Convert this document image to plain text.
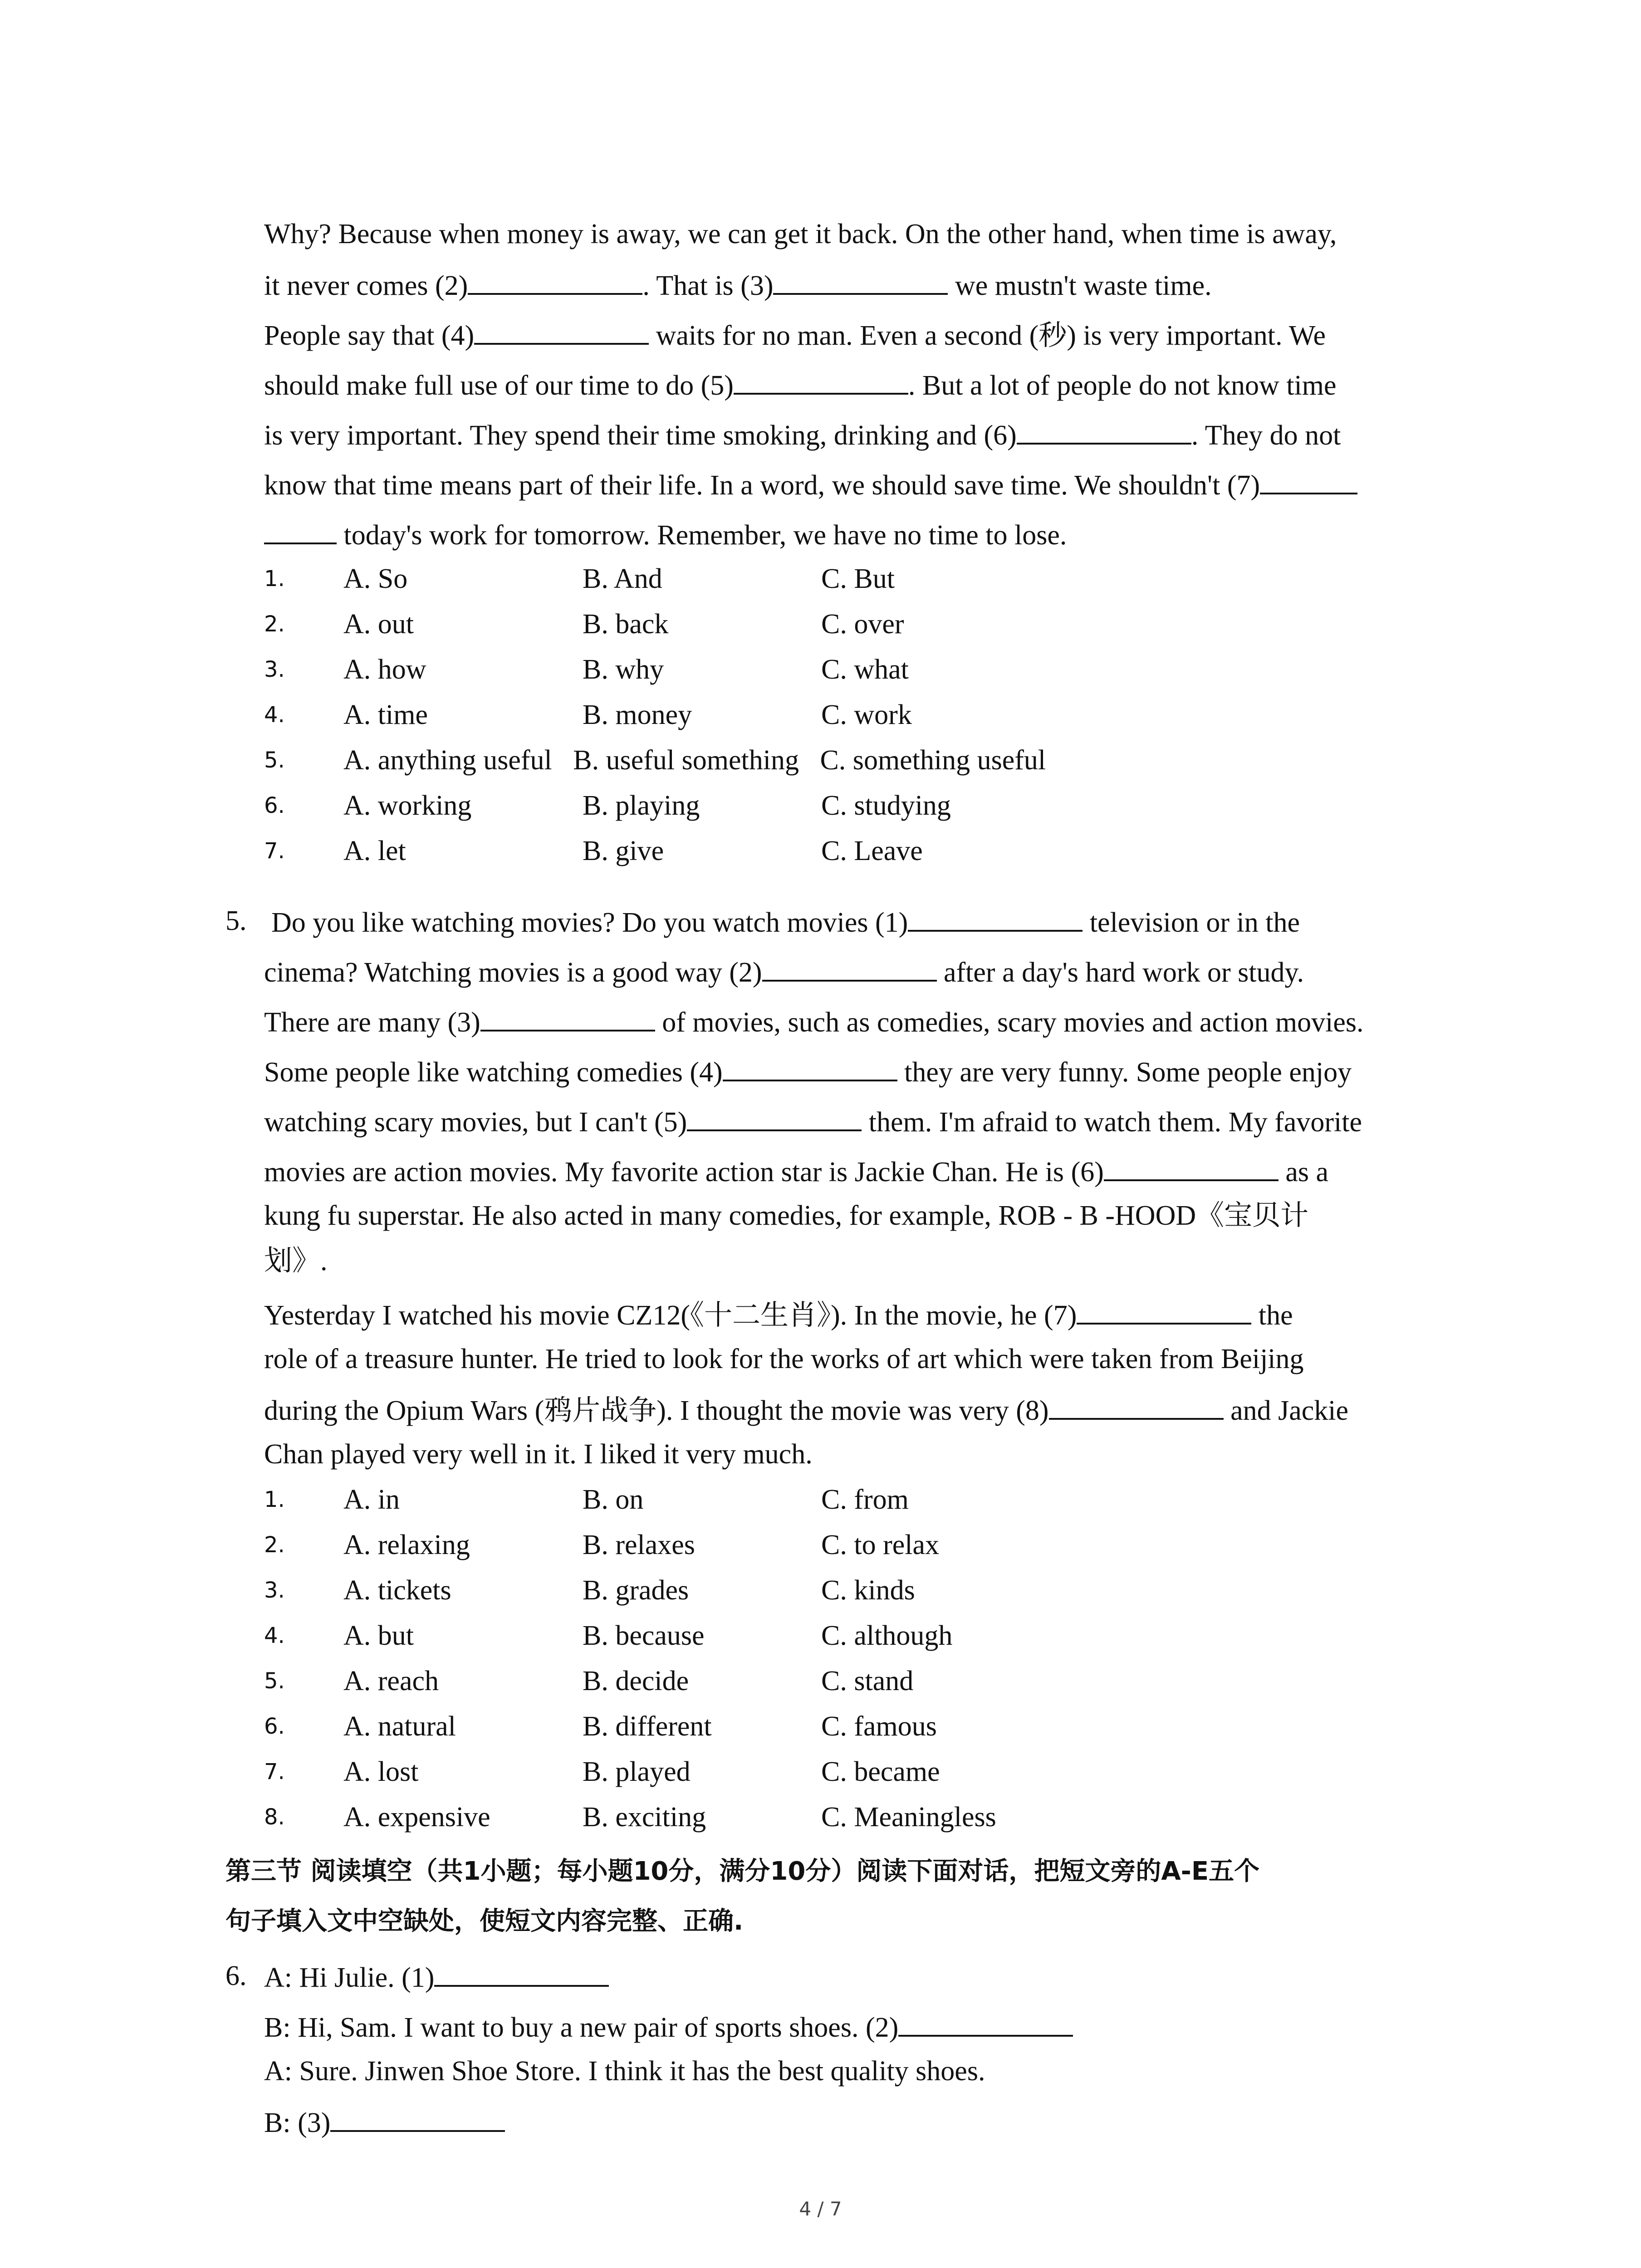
Why? Because when money is away, we can get it back. On the other hand, when time is away,
it never comes (2)	. That is (3)	we mustn't waste time.
People say that (4)	waits for no man. Even a second (秒) is very important. We
should make full use of our time to do (5)	. But a lot of people do not know time
is very important. They spend their time smoking, drinking and (6)	. They do not
know that time means part of their life. In a word, we should save time. We shouldn't (7)
today's work for tomorrow. Remember, we have no time to lose.
1. A. So	B. And	C. But
2. A. out	B. back	C. over
3. A. how	B. why	C. what
4. A. time	B. money	C. work
5. A. anything useful   B. useful something   C. something useful
6. A. working	B. playing	C. studying
7. A. let	B. give	C. Leave
5. Do you like watching movies? Do you watch movies (1)	television or in the
cinema? Watching movies is a good way (2)	after a day's hard work or study.
There are many (3)	of movies, such as comedies, scary movies and action movies.
Some people like watching comedies (4)	they are very funny. Some people enjoy
watching scary movies, but I can't (5)	them. I'm afraid to watch them. My favorite
movies are action movies. My favorite action star is Jackie Chan. He is (6)	as a
kung fu superstar. He also acted in many comedies, for example, ROB - B -HOOD《宝贝计
划》.
Yesterday I watched his movie CZ12(《十二生肖》). In the movie, he (7)	the
role of a treasure hunter. He tried to look for the works of art which were taken from Beijing
during the Opium Wars (鸦片战争). I thought the movie was very (8)	and Jackie
Chan played very well in it. I liked it very much.
1. A. in	B. on	C. from
2. A. relaxing	B. relaxes	C. to relax
3. A. tickets	B. grades	C. kinds
4. A. but	B. because	C. although
5. A. reach	B. decide	C. stand
6. A. natural	B. different	C. famous
7. A. lost	B. played	C. became
8. A. expensive	B. exciting	C. Meaningless
第三节 阅读填空（共1小题；每小题10分，满分10分）阅读下面对话，把短文旁的A-E五个
句子填入文中空缺处，使短文内容完整、正确.
6. A: Hi Julie. (1)
B: Hi, Sam. I want to buy a new pair of sports shoes. (2)
A: Sure. Jinwen Shoe Store. I think it has the best quality shoes.
B: (3)
4 / 7
